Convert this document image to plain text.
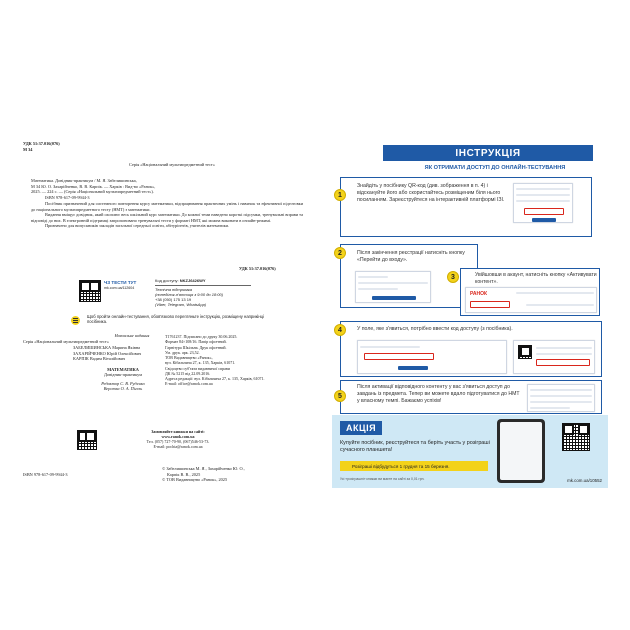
УДК 51:37.016(076)
М 34
Серія «Національний мультипредметний тест»
Математика. Довідник-практикум / М. Я. Забелишинська,
М 34 Ю. О. Захарійченко, В. В. Карпік. — Харків : Вид-во «Ранок»,
2025. — 224 с. — (Серія «Національний мультипредметний тест»).
ISBN 978-617-09-9944-3
Посібник призначений для системного повторення курсу математики, відпрацювання практичних умінь і навичок та ефективної підготовки до національного мультипредметного тесту (НМТ) з математики.
Видання вміщує довідник, який охоплює весь шкільний курс математики. До кожної теми наведено короткі підсумки, тренувальні вправи та відповіді до них. В електронній підтримці запропоновано тренувальні тести у форматі НМТ, які можна виконати в онлайн-режимі.
Призначено для випускників закладів загальної середньої освіти, абітурієнтів, учителів математики.
УДК 51:37.016(076)
ЧЗ ТЕСТИ ТУТ
mk.com.ua/112604
Код доступу: NKZJ6426WY
Технічна підтримка
(понеділок-п'ятниця з 9:00 до 18:00)
+38 (050) 175 13 19
(Viber, Telegram, WhatsApp)
Щоб пройти онлайн-тестування, обов'язково перегляньте інструкцію, розміщену наприкінці посібника.
Навчальне видання
Серія «Національний мультипредметний тест»
ЗАБЕЛИШИНСЬКА Марина Яківна
ЗАХАРІЙЧЕНКО Юрій Олексійович
КАРПІК Вадим Віталійович
МАТЕМАТИКА
Довідник-практикум
Редактор С. В. Руденко
Верстка О. А. Пігель
Т1761237. Підписано до друку 30.06.2025.
Формат 84×108/16. Папір офсетний.
Гарнітура Шкільна. Друк офсетний.
Ум. друк. арк. 23,52.
ТОВ Видавництво «Ранок»,
вул. Кібальчича 27, к. 135, Харків, 61071.
Свідоцтво суб'єкта видавничої справи
ДК № 5215 від 22.09.2016.
Адреса редакції: вул. Кібальчича 27, к. 135, Харків, 61071.
E-mail: office@ranok.com.ua
Замовляйте книжки на сайті:
www.ranok.com.ua
Тел. (057) 727-70-90, (067)546-53-73.
E-mail: pochta@ranok.com.ua
ISBN 978-617-09-9944-3
© Забелишинська М. Я., Захарійченко Ю. О.,
Карпік В. В., 2025
© ТОВ Видавництво «Ранок», 2025
ІНСТРУКЦІЯ
ЯК ОТРИМАТИ ДОСТУП ДО ОНЛАЙН-ТЕСТУВАННЯ
Знайдіть у посібнику QR-код (див. зображення в п. 4) і відскануйте його або скористайтесь розміщеним біля нього посиланням. Зареєструйтеся на інтерактивній платформі ІЗІ.
1
Після закінчення реєстрації натисніть кнопку «Перейти до входу».
2
Увійшовши в акаунт, натисніть кнопку «Активувати контент».
РАНОК
3
У поле, яке з'явиться, потрібно ввести код доступу (з посібника).
4
Після активації відповідного контенту у вас з'явиться доступ до завдань із предмета. Тепер ви можете вдало підготуватися до НМТ у власному темпі. Бажаємо успіхів!
5
АКЦІЯ
Купуйте посібник, реєструйтеся та беріть участь у розіграші сучасного планшета!
Розіграші відбудуться 1 грудня та 15 березня.
Усі «розіграшні» книжки ви маєте на сайті за 0,01 грн.	mk.com.ua/10552
